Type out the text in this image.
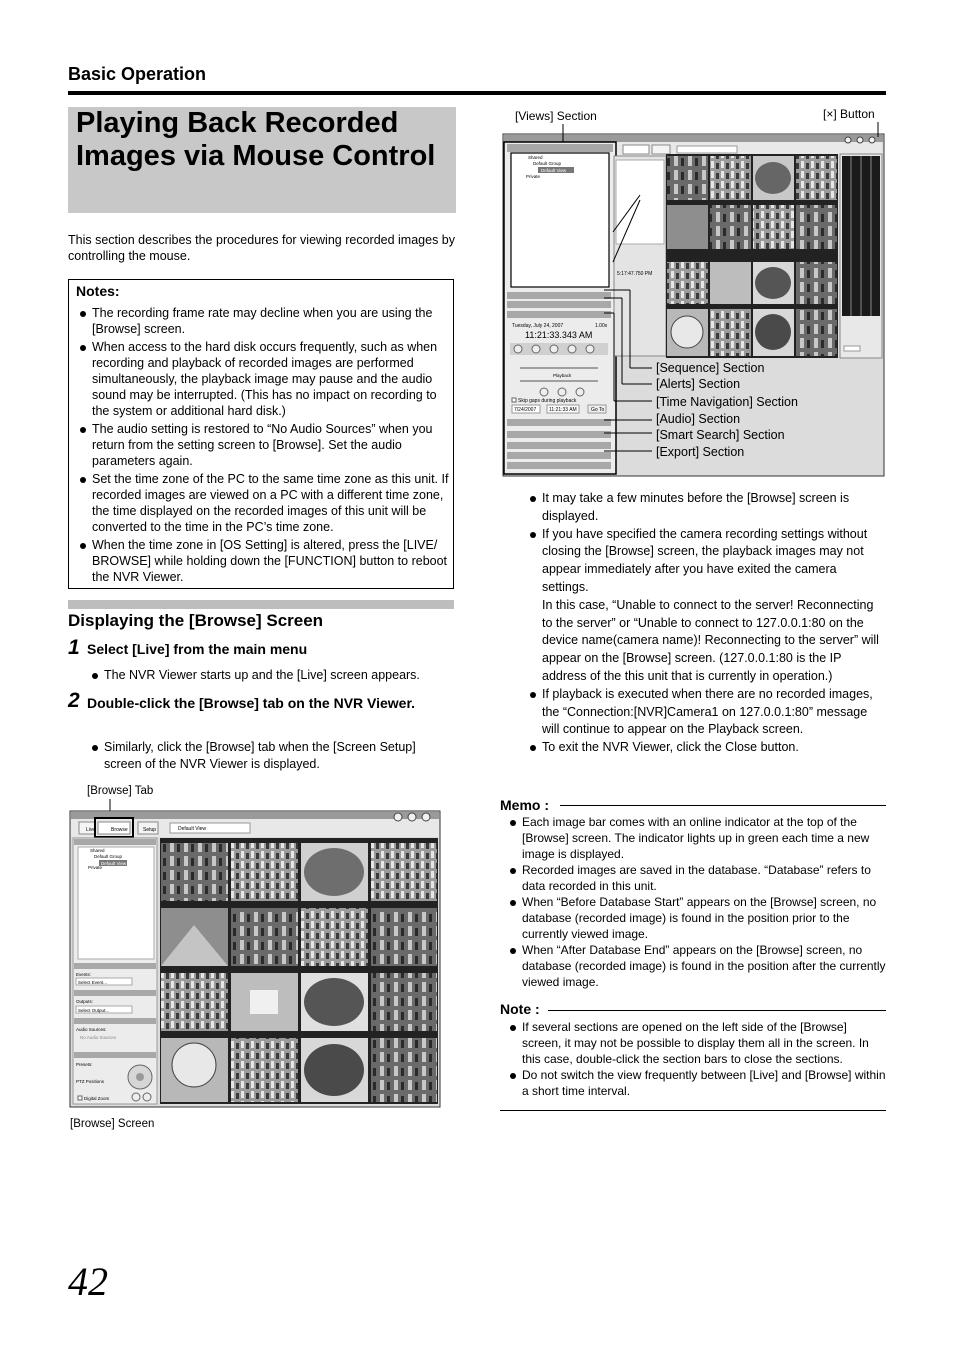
Basic Operation
Playing Back Recorded
Images via Mouse Control
This section describes the procedures for viewing recorded images by controlling the mouse.
Notes:
The recording frame rate may decline when you are using the [Browse] screen.
When access to the hard disk occurs frequently, such as when recording and playback of recorded images are performed simultaneously, the playback image may pause and the audio sound may be interrupted. (This has no impact on recording to the system or additional hard disk.)
The audio setting is restored to “No Audio Sources” when you return from the setting screen to [Browse]. Set the audio parameters again.
Set the time zone of the PC to the same time zone as this unit. If recorded images are viewed on a PC with a different time zone, the time displayed on the recorded images of this unit will be converted to the time in the PC’s time zone.
When the time zone in [OS Setting] is altered, press the [LIVE/ BROWSE] while holding down the [FUNCTION] button to reboot the NVR Viewer.
Displaying the [Browse] Screen
1 Select [Live] from the main menu
The NVR Viewer starts up and the [Live] screen appears.
2 Double-click the [Browse] tab on the NVR Viewer.
Similarly, click the [Browse] tab when the [Screen Setup] screen of the NVR Viewer is displayed.
[Browse] Tab
Live	Browse	Setup	Default View
Shared
Default Group
Default View
Private
Events:
Select Event...
Outputs:
Select Output...
Audio Sources:
No Audio Sources
Presets:
PTZ Positions
Digital Zoom
[Browse] Screen
[Views] Section	[×] Button
Shared
Default Group
Default View
Private
Tuesday, July 24, 2007	1.00x
11:21:33.343 AM
Playback
Skip gaps during playback
7/24/2007	11:21:33 AM	Go To
5:17:47.750 PM
[Sequence] Section
[Alerts] Section
[Time Navigation] Section
[Audio] Section
[Smart Search] Section
[Export] Section
It may take a few minutes before the [Browse] screen is displayed.
If you have specified the camera recording settings without closing the [Browse] screen, the playback images may not appear immediately after you have exited the camera settings.
In this case, “Unable to connect to the server! Reconnecting to the server” or “Unable to connect to 127.0.0.1:80 on the device name(camera name)! Reconnecting to the server” will appear on the [Browse] screen. (127.0.0.1:80 is the IP address of the this unit that is currently in operation.)
If playback is executed when there are no recorded images, the “Connection:[NVR]Camera1 on 127.0.0.1:80” message will continue to appear on the Playback screen.
To exit the NVR Viewer, click the Close button.
Memo :
Each image bar comes with an online indicator at the top of the [Browse] screen. The indicator lights up in green each time a new image is displayed.
Recorded images are saved in the database. “Database” refers to data recorded in this unit.
When “Before Database Start” appears on the [Browse] screen, no database (recorded image) is found in the position prior to the currently viewed image.
When “After Database End” appears on the [Browse] screen, no database (recorded image) is found in the position after the currently viewed image.
Note :
If several sections are opened on the left side of the [Browse] screen, it may not be possible to display them all in the screen. In this case, double-click the section bars to close the sections.
Do not switch the view frequently between [Live] and [Browse] within a short time interval.
42
